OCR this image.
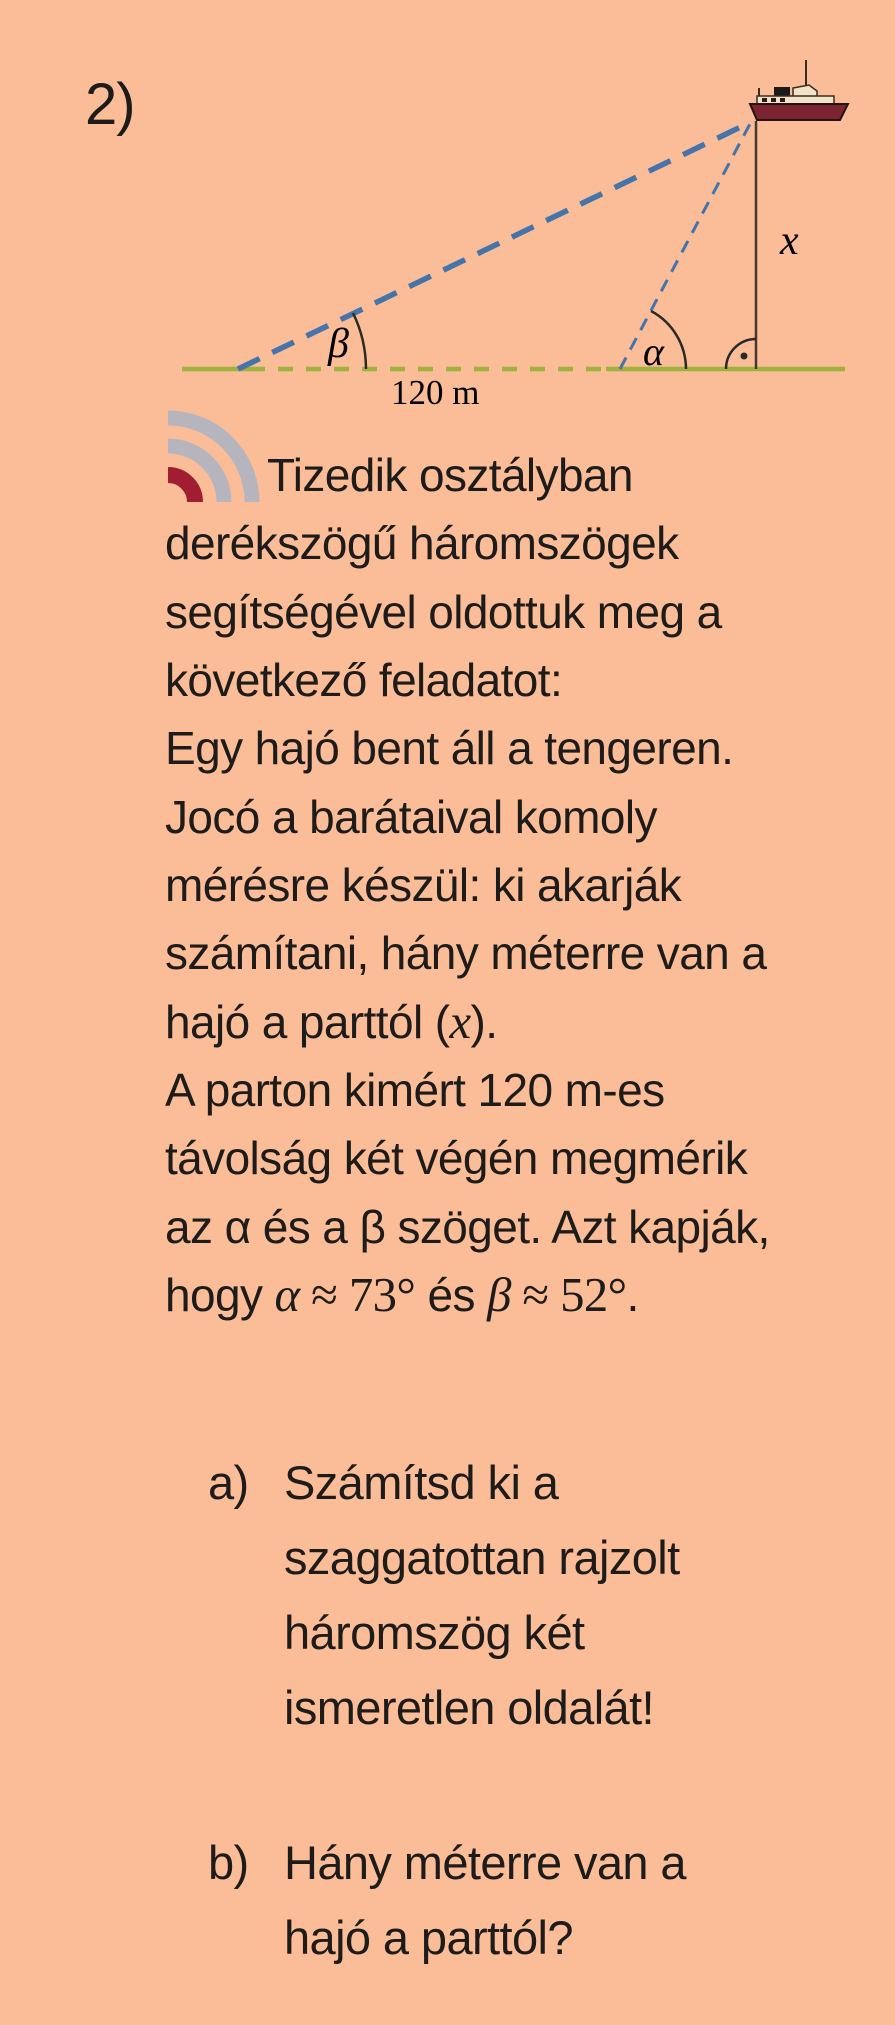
2)
β	α
x
120 m
Tizedik osztályban
derékszögű háromszögek
segítségével oldottuk meg a
következő feladatot:
Egy hajó bent áll a tengeren.
Jocó a barátaival komoly
mérésre készül: ki akarják
számítani, hány méterre van a
hajó a parttól (x).
A parton kimért 120 m-es
távolság két végén megmérik
az α és a β szöget. Azt kapják,
hogy α ≈ 73° és β ≈ 52°.
a) Számítsd ki a
szaggatottan rajzolt
háromszög két
ismeretlen oldalát!
b) Hány méterre van a
hajó a parttól?
